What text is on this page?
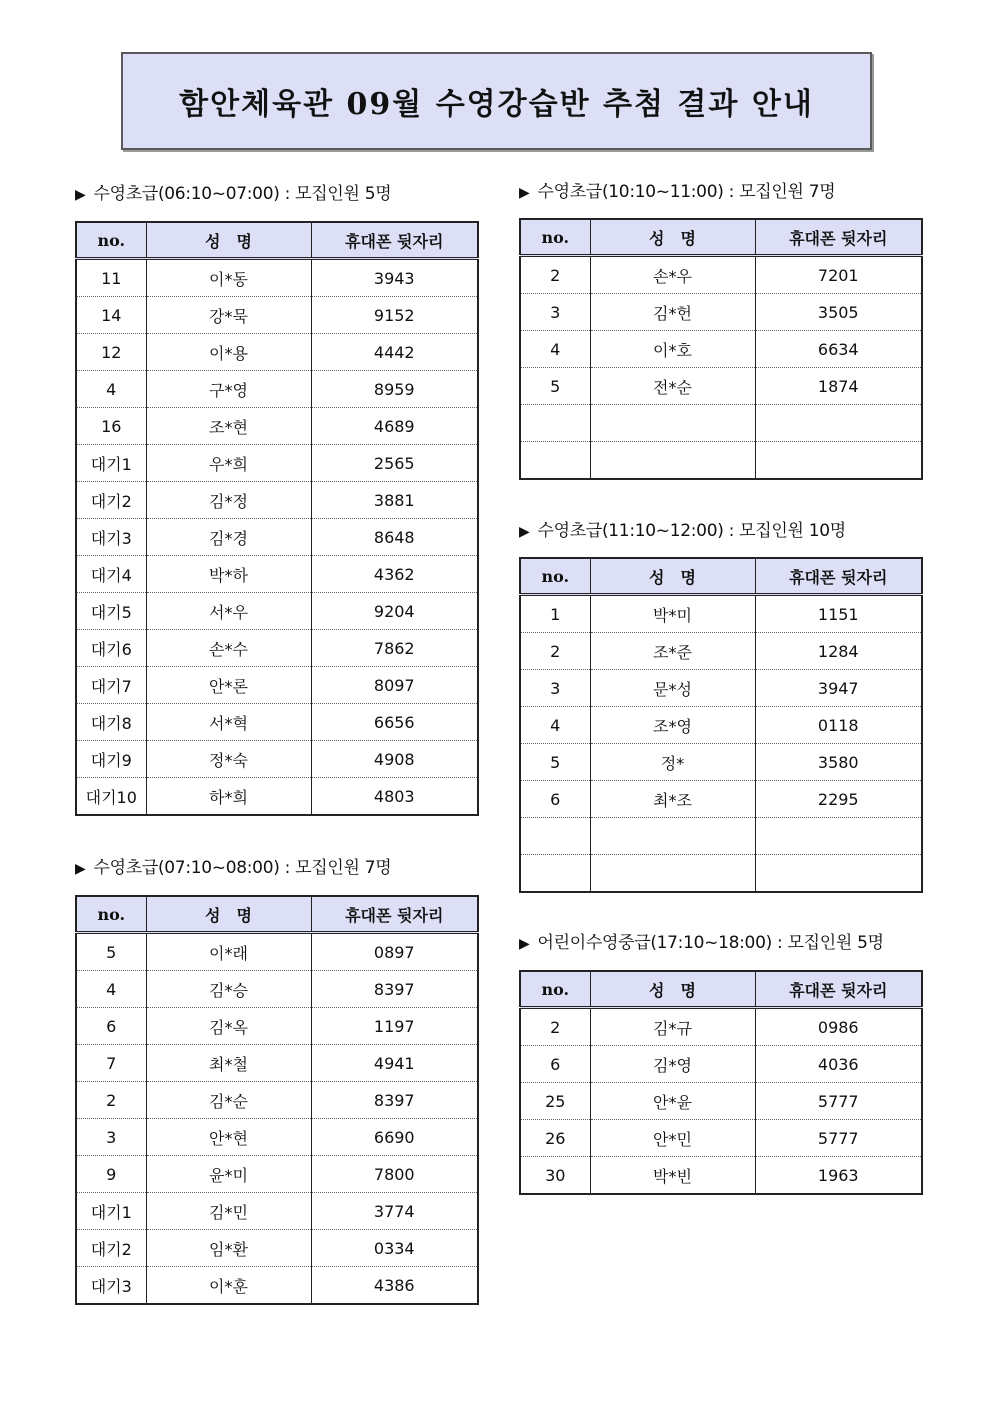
함안체육관 09월 수영강습반 추첨 결과 안내
▶ 수영초급(06:10~07:00) : 모집인원 5명
no.	성　명	휴대폰 뒷자리
11	이*동	3943
14	강*묵	9152
12	이*용	4442
4	구*영	8959
16	조*현	4689
대기1	우*희	2565
대기2	김*정	3881
대기3	김*경	8648
대기4	박*하	4362
대기5	서*우	9204
대기6	손*수	7862
대기7	안*론	8097
대기8	서*혁	6656
대기9	정*숙	4908
대기10	하*희	4803
▶ 수영초급(07:10~08:00) : 모집인원 7명
no.	성　명	휴대폰 뒷자리
5	이*래	0897
4	김*승	8397
6	김*옥	1197
7	최*철	4941
2	김*순	8397
3	안*현	6690
9	윤*미	7800
대기1	김*민	3774
대기2	임*환	0334
대기3	이*훈	4386
▶ 수영초급(10:10~11:00) : 모집인원 7명
no.	성　명	휴대폰 뒷자리
2	손*우	7201
3	김*헌	3505
4	이*호	6634
5	전*순	1874

▶ 수영초급(11:10~12:00) : 모집인원 10명
no.	성　명	휴대폰 뒷자리
1	박*미	1151
2	조*준	1284
3	문*성	3947
4	조*영	0118
5	정*	3580
6	최*조	2295

▶ 어린이수영중급(17:10~18:00) : 모집인원 5명
no.	성　명	휴대폰 뒷자리
2	김*규	0986
6	김*영	4036
25	안*윤	5777
26	안*민	5777
30	박*빈	1963
